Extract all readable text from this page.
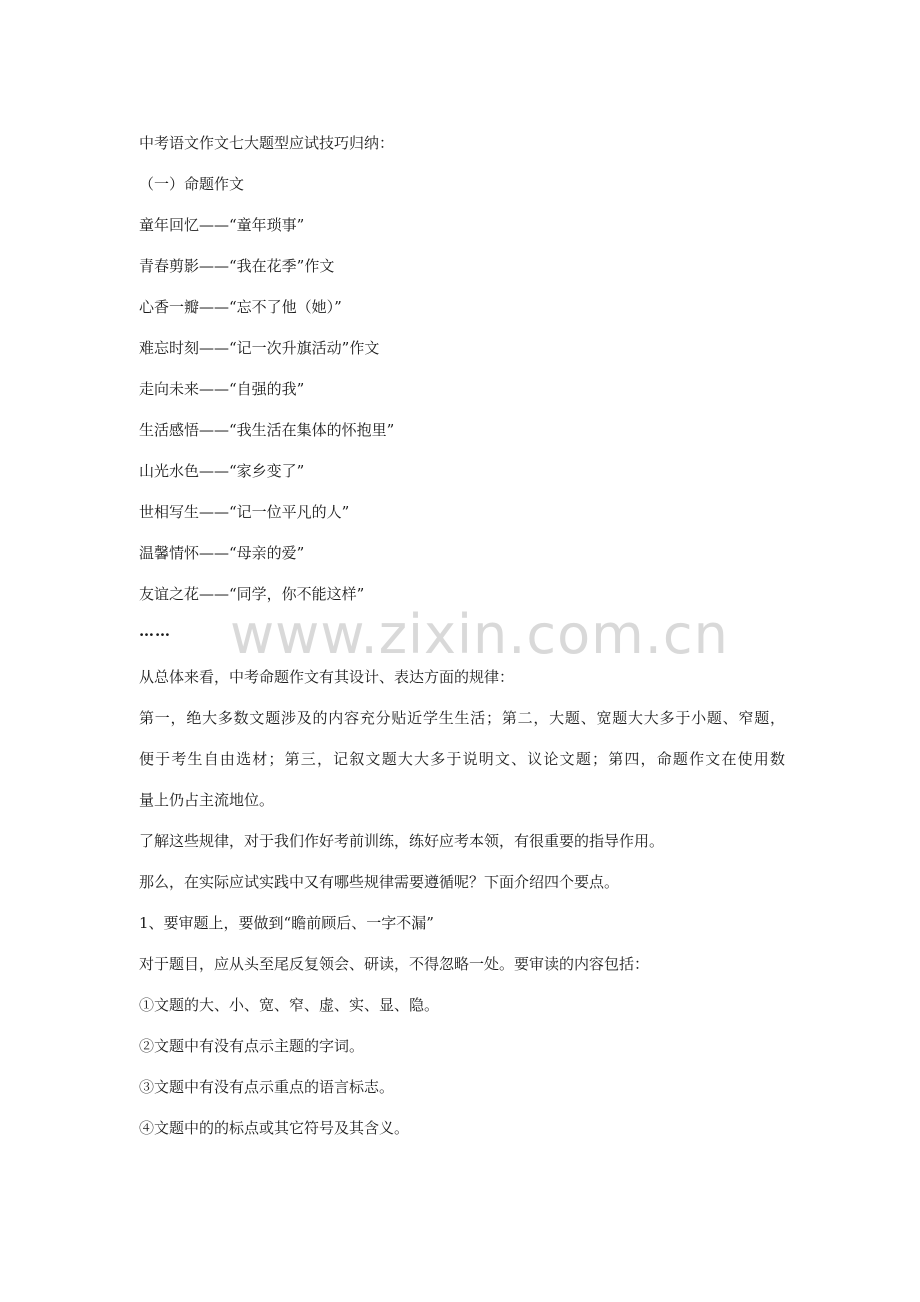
www.zixin.com.cn
中考语文作文七大题型应试技巧归纳：
（一）命题作文
童年回忆——“童年琐事”
青春剪影——“我在花季”作文
心香一瓣——“忘不了他（她）”
难忘时刻——“记一次升旗活动”作文
走向未来——“自强的我”
生活感悟——“我生活在集体的怀抱里”
山光水色——“家乡变了”
世相写生——“记一位平凡的人”
温馨情怀——“母亲的爱”
友谊之花——“同学，你不能这样”
……
从总体来看，中考命题作文有其设计、表达方面的规律：
第一，绝大多数文题涉及的内容充分贴近学生生活；第二，大题、宽题大大多于小题、窄题，
便于考生自由选材；第三，记叙文题大大多于说明文、议论文题；第四，命题作文在使用数
量上仍占主流地位。
了解这些规律，对于我们作好考前训练，练好应考本领，有很重要的指导作用。
那么，在实际应试实践中又有哪些规律需要遵循呢？下面介绍四个要点。
1、要审题上，要做到“瞻前顾后、一字不漏”
对于题目，应从头至尾反复领会、研读，不得忽略一处。要审读的内容包括：
①文题的大、小、宽、窄、虚、实、显、隐。
②文题中有没有点示主题的字词。
③文题中有没有点示重点的语言标志。
④文题中的的标点或其它符号及其含义。
